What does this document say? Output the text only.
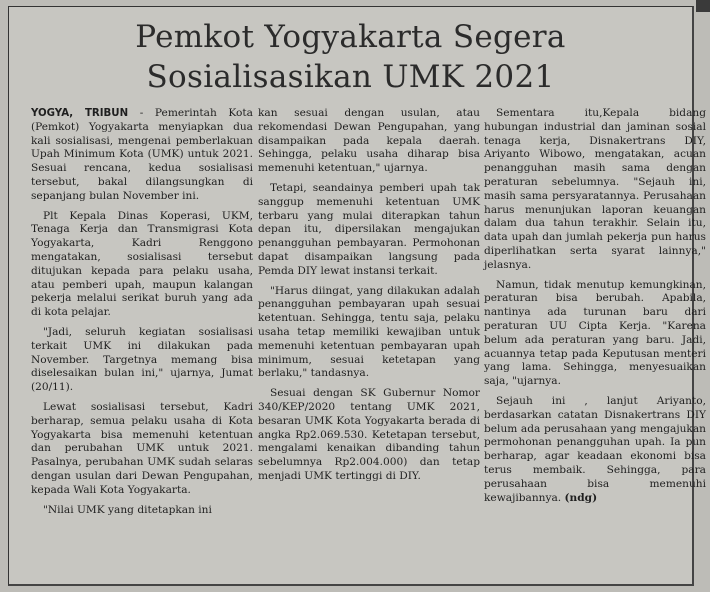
Pemkot Yogyakarta Segera
Sosialisasikan UMK 2021

YOGYA, TRIBUN - Pemerintah Kota (Pemkot) Yogyakarta menyiapkan dua kali sosialisasi, mengenai pemberlakuan Upah Minimum Kota (UMK) untuk 2021. Sesuai rencana, kedua sosialisasi tersebut, bakal dilangsungkan di sepanjang bulan November ini.

Plt Kepala Dinas Koperasi, UKM, Tenaga Kerja dan Transmigrasi Kota Yogyakarta, Kadri Renggono mengatakan, sosialisasi tersebut ditujukan kepada para pelaku usaha, atau pemberi upah, maupun kalangan pekerja melalui serikat buruh yang ada di kota pelajar.

"Jadi, seluruh kegiatan sosialisasi terkait UMK ini dilakukan pada November. Targetnya memang bisa diselesaikan bulan ini," ujarnya, Jumat (20/11).

Lewat sosialisasi tersebut, Kadri berharap, semua pelaku usaha di Kota Yogyakarta bisa memenuhi ketentuan dan perubahan UMK untuk 2021. Pasalnya, perubahan UMK sudah selaras dengan usulan dari Dewan Pengupahan, kepada Wali Kota Yogyakarta.

"Nilai UMK yang ditetapkan ini

kan sesuai dengan usulan, atau rekomendasi Dewan Pengupahan, yang disampaikan pada kepala daerah. Sehingga, pelaku usaha diharap bisa memenuhi ketentuan," ujarnya.

Tetapi, seandainya pemberi upah tak sanggup memenuhi ketentuan UMK terbaru yang mulai diterapkan tahun depan itu, dipersilakan mengajukan penangguhan pembayaran. Permohonan dapat disampaikan langsung pada Pemda DIY lewat instansi terkait.

"Harus diingat, yang dilakukan adalah penangguhan pembayaran upah sesuai ketentuan. Sehingga, tentu saja, pelaku usaha tetap memiliki kewajiban untuk memenuhi ketentuan pembayaran upah minimum, sesuai ketetapan yang berlaku," tandasnya.

Sesuai dengan SK Gubernur Nomor 340/KEP/2020 tentang UMK 2021, besaran UMK Kota Yogyakarta berada di angka Rp2.069.530. Ketetapan tersebut, mengalami kenaikan dibanding tahun sebelumnya Rp2.004.000) dan tetap menjadi UMK tertinggi di DIY.

Sementara itu,Kepala bidang hubungan industrial dan jaminan sosial tenaga kerja, Disnakertrans DIY, Ariyanto Wibowo, mengatakan, acuan penangguhan masih sama dengan peraturan sebelumnya. "Sejauh ini, masih sama persyaratannya. Perusahaan harus menunjukan laporan keuangan dalam dua tahun terakhir. Selain itu, data upah dan jumlah pekerja pun harus diperlihatkan serta syarat lainnya," jelasnya.

Namun, tidak menutup kemungkinan, peraturan bisa berubah. Apabila, nantinya ada turunan baru dari peraturan UU Cipta Kerja. "Karena belum ada peraturan yang baru. Jadi, acuannya tetap pada Keputusan menteri yang lama. Sehingga, menyesuaikan saja, "ujarnya.

Sejauh ini , lanjut Ariyanto, berdasarkan catatan Disnakertrans DIY belum ada perusahaan yang mengajukan permohonan penangguhan upah. Ia pun berharap, agar keadaan ekonomi bisa terus membaik. Sehingga, para perusahaan bisa memenuhi kewajibannya. (ndg)
